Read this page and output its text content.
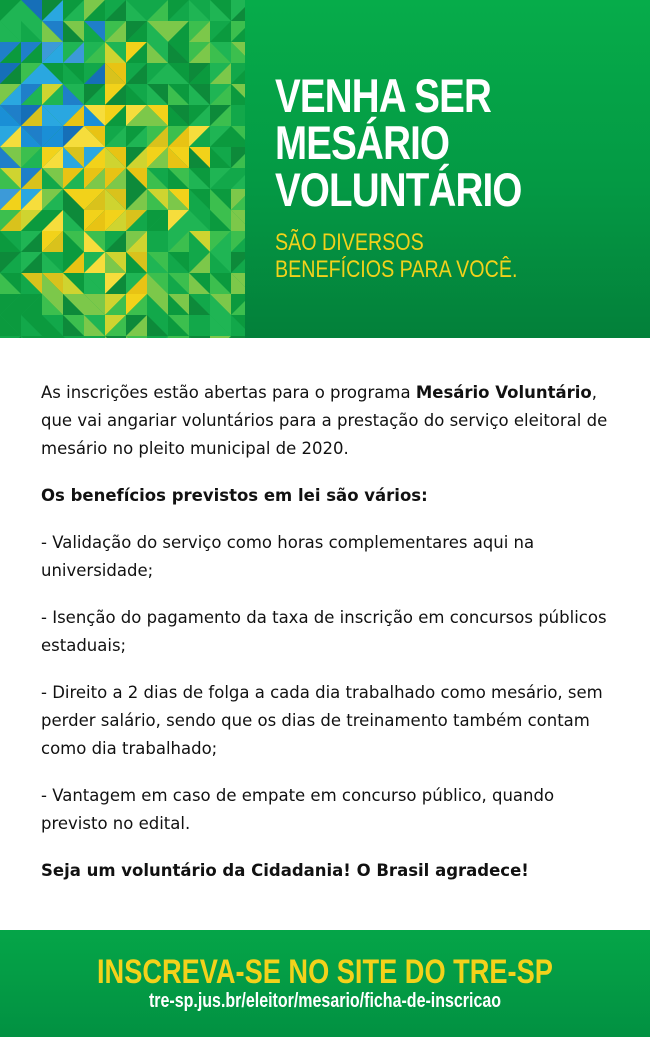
VENHA SER
MESÁRIO
VOLUNTÁRIO
SÃO DIVERSOS
BENEFÍCIOS PARA VOCÊ.

As inscrições estão abertas para o programa Mesário Voluntário, que vai angariar voluntários para a prestação do serviço eleitoral de mesário no pleito municipal de 2020.

Os benefícios previstos em lei são vários:

- Validação do serviço como horas complementares aqui na universidade;

- Isenção do pagamento da taxa de inscrição em concursos públicos estaduais;

- Direito a 2 dias de folga a cada dia trabalhado como mesário, sem perder salário, sendo que os dias de treinamento também contam como dia trabalhado;

- Vantagem em caso de empate em concurso público, quando previsto no edital.

Seja um voluntário da Cidadania! O Brasil agradece!

INSCREVA-SE NO SITE DO TRE-SP
tre-sp.jus.br/eleitor/mesario/ficha-de-inscricao
